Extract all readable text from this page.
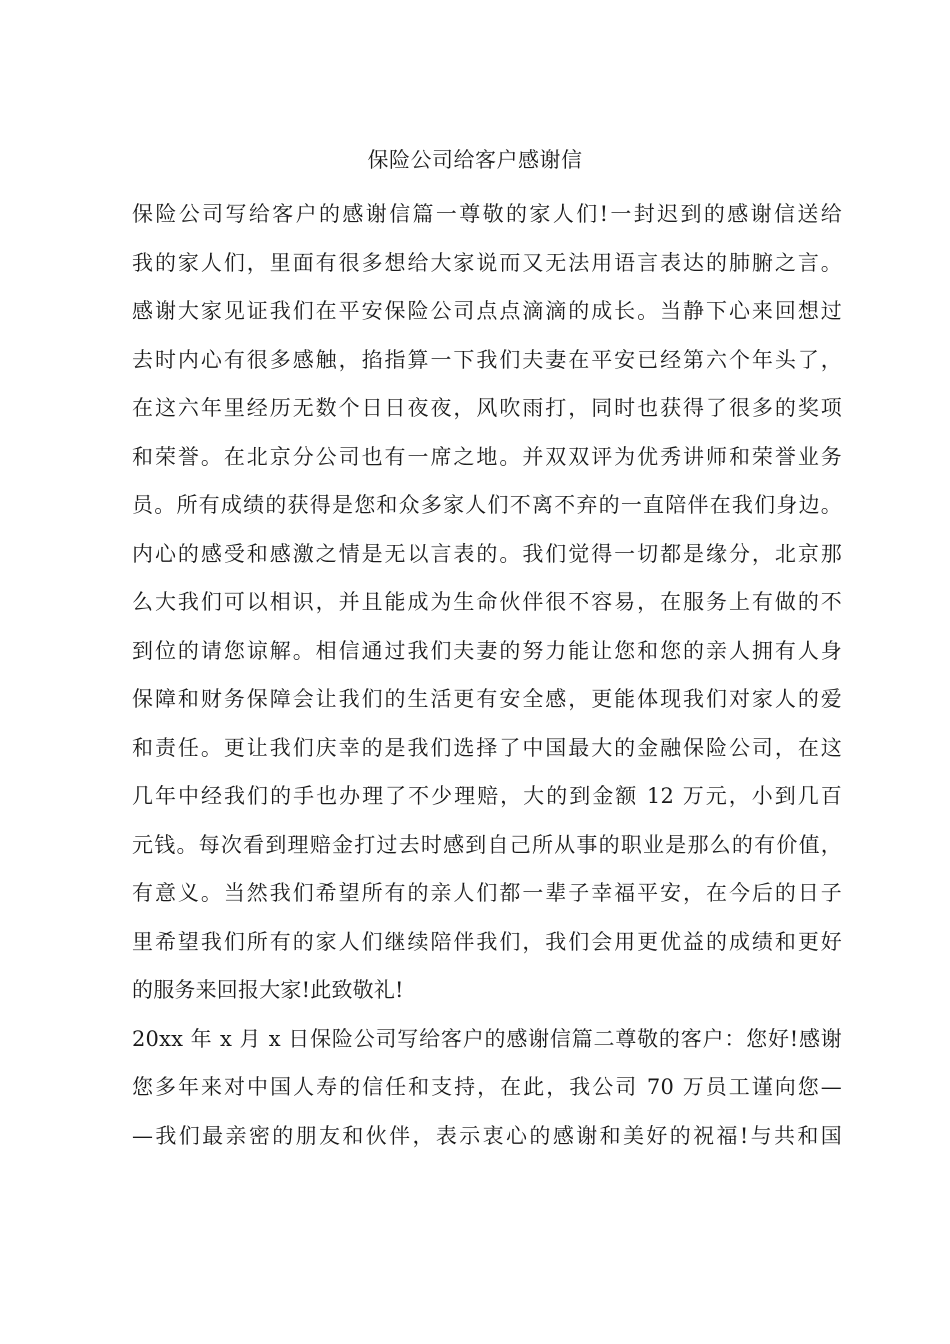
保险公司给客户感谢信
保险公司写给客户的感谢信篇一尊敬的家人们!一封迟到的感谢信送给
我的家人们，里面有很多想给大家说而又无法用语言表达的肺腑之言。
感谢大家见证我们在平安保险公司点点滴滴的成长。当静下心来回想过
去时内心有很多感触，掐指算一下我们夫妻在平安已经第六个年头了，
在这六年里经历无数个日日夜夜，风吹雨打，同时也获得了很多的奖项
和荣誉。在北京分公司也有一席之地。并双双评为优秀讲师和荣誉业务
员。所有成绩的获得是您和众多家人们不离不弃的一直陪伴在我们身边。
内心的感受和感激之情是无以言表的。我们觉得一切都是缘分，北京那
么大我们可以相识，并且能成为生命伙伴很不容易，在服务上有做的不
到位的请您谅解。相信通过我们夫妻的努力能让您和您的亲人拥有人身
保障和财务保障会让我们的生活更有安全感，更能体现我们对家人的爱
和责任。更让我们庆幸的是我们选择了中国最大的金融保险公司，在这
几年中经我们的手也办理了不少理赔，大的到金额 12 万元，小到几百
元钱。每次看到理赔金打过去时感到自己所从事的职业是那么的有价值，
有意义。当然我们希望所有的亲人们都一辈子幸福平安，在今后的日子
里希望我们所有的家人们继续陪伴我们，我们会用更优益的成绩和更好
的服务来回报大家!此致敬礼!
20xx 年 x 月 x 日保险公司写给客户的感谢信篇二尊敬的客户：您好!感谢
您多年来对中国人寿的信任和支持，在此，我公司 70 万员工谨向您—
—我们最亲密的朋友和伙伴，表示衷心的感谢和美好的祝福!与共和国
